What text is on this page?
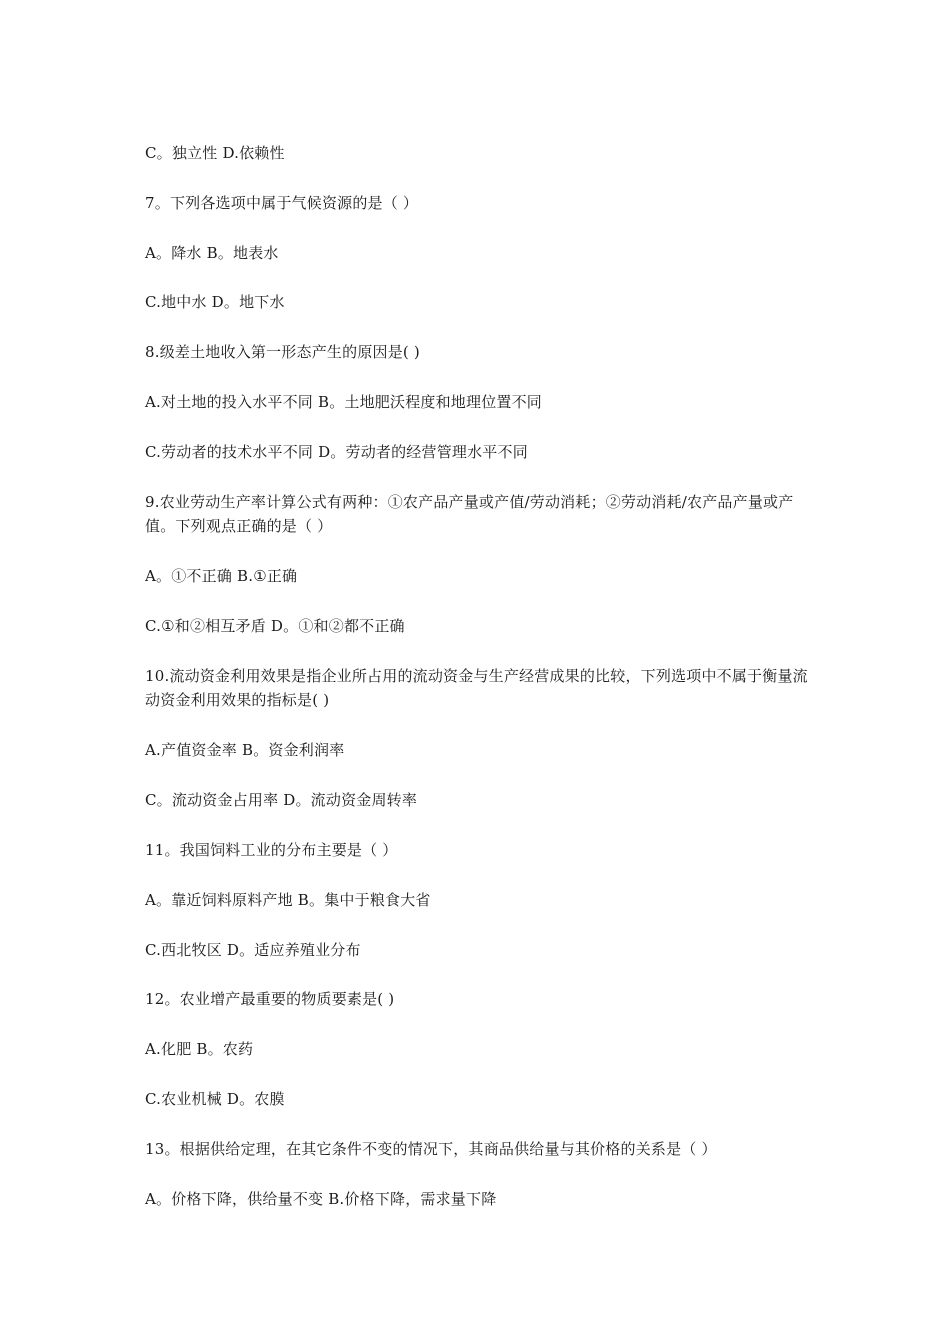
C。独立性 D.依赖性
7。下列各选项中属于气候资源的是（ ）
A。降水 B。地表水
C.地中水 D。地下水
8.级差土地收入第一形态产生的原因是( )
A.对土地的投入水平不同 B。土地肥沃程度和地理位置不同
C.劳动者的技术水平不同 D。劳动者的经营管理水平不同
9.农业劳动生产率计算公式有两种：①农产品产量或产值/劳动消耗；②劳动消耗/农产品产量或产值。下列观点正确的是（ ）
A。①不正确 B.①正确
C.①和②相互矛盾 D。①和②都不正确
10.流动资金利用效果是指企业所占用的流动资金与生产经营成果的比较，下列选项中不属于衡量流动资金利用效果的指标是( )
A.产值资金率 B。资金利润率
C。流动资金占用率 D。流动资金周转率
11。我国饲料工业的分布主要是（ ）
A。靠近饲料原料产地 B。集中于粮食大省
C.西北牧区 D。适应养殖业分布
12。农业增产最重要的物质要素是( )
A.化肥 B。农药
C.农业机械 D。农膜
13。根据供给定理，在其它条件不变的情况下，其商品供给量与其价格的关系是（ ）
A。价格下降，供给量不变 B.价格下降，需求量下降
